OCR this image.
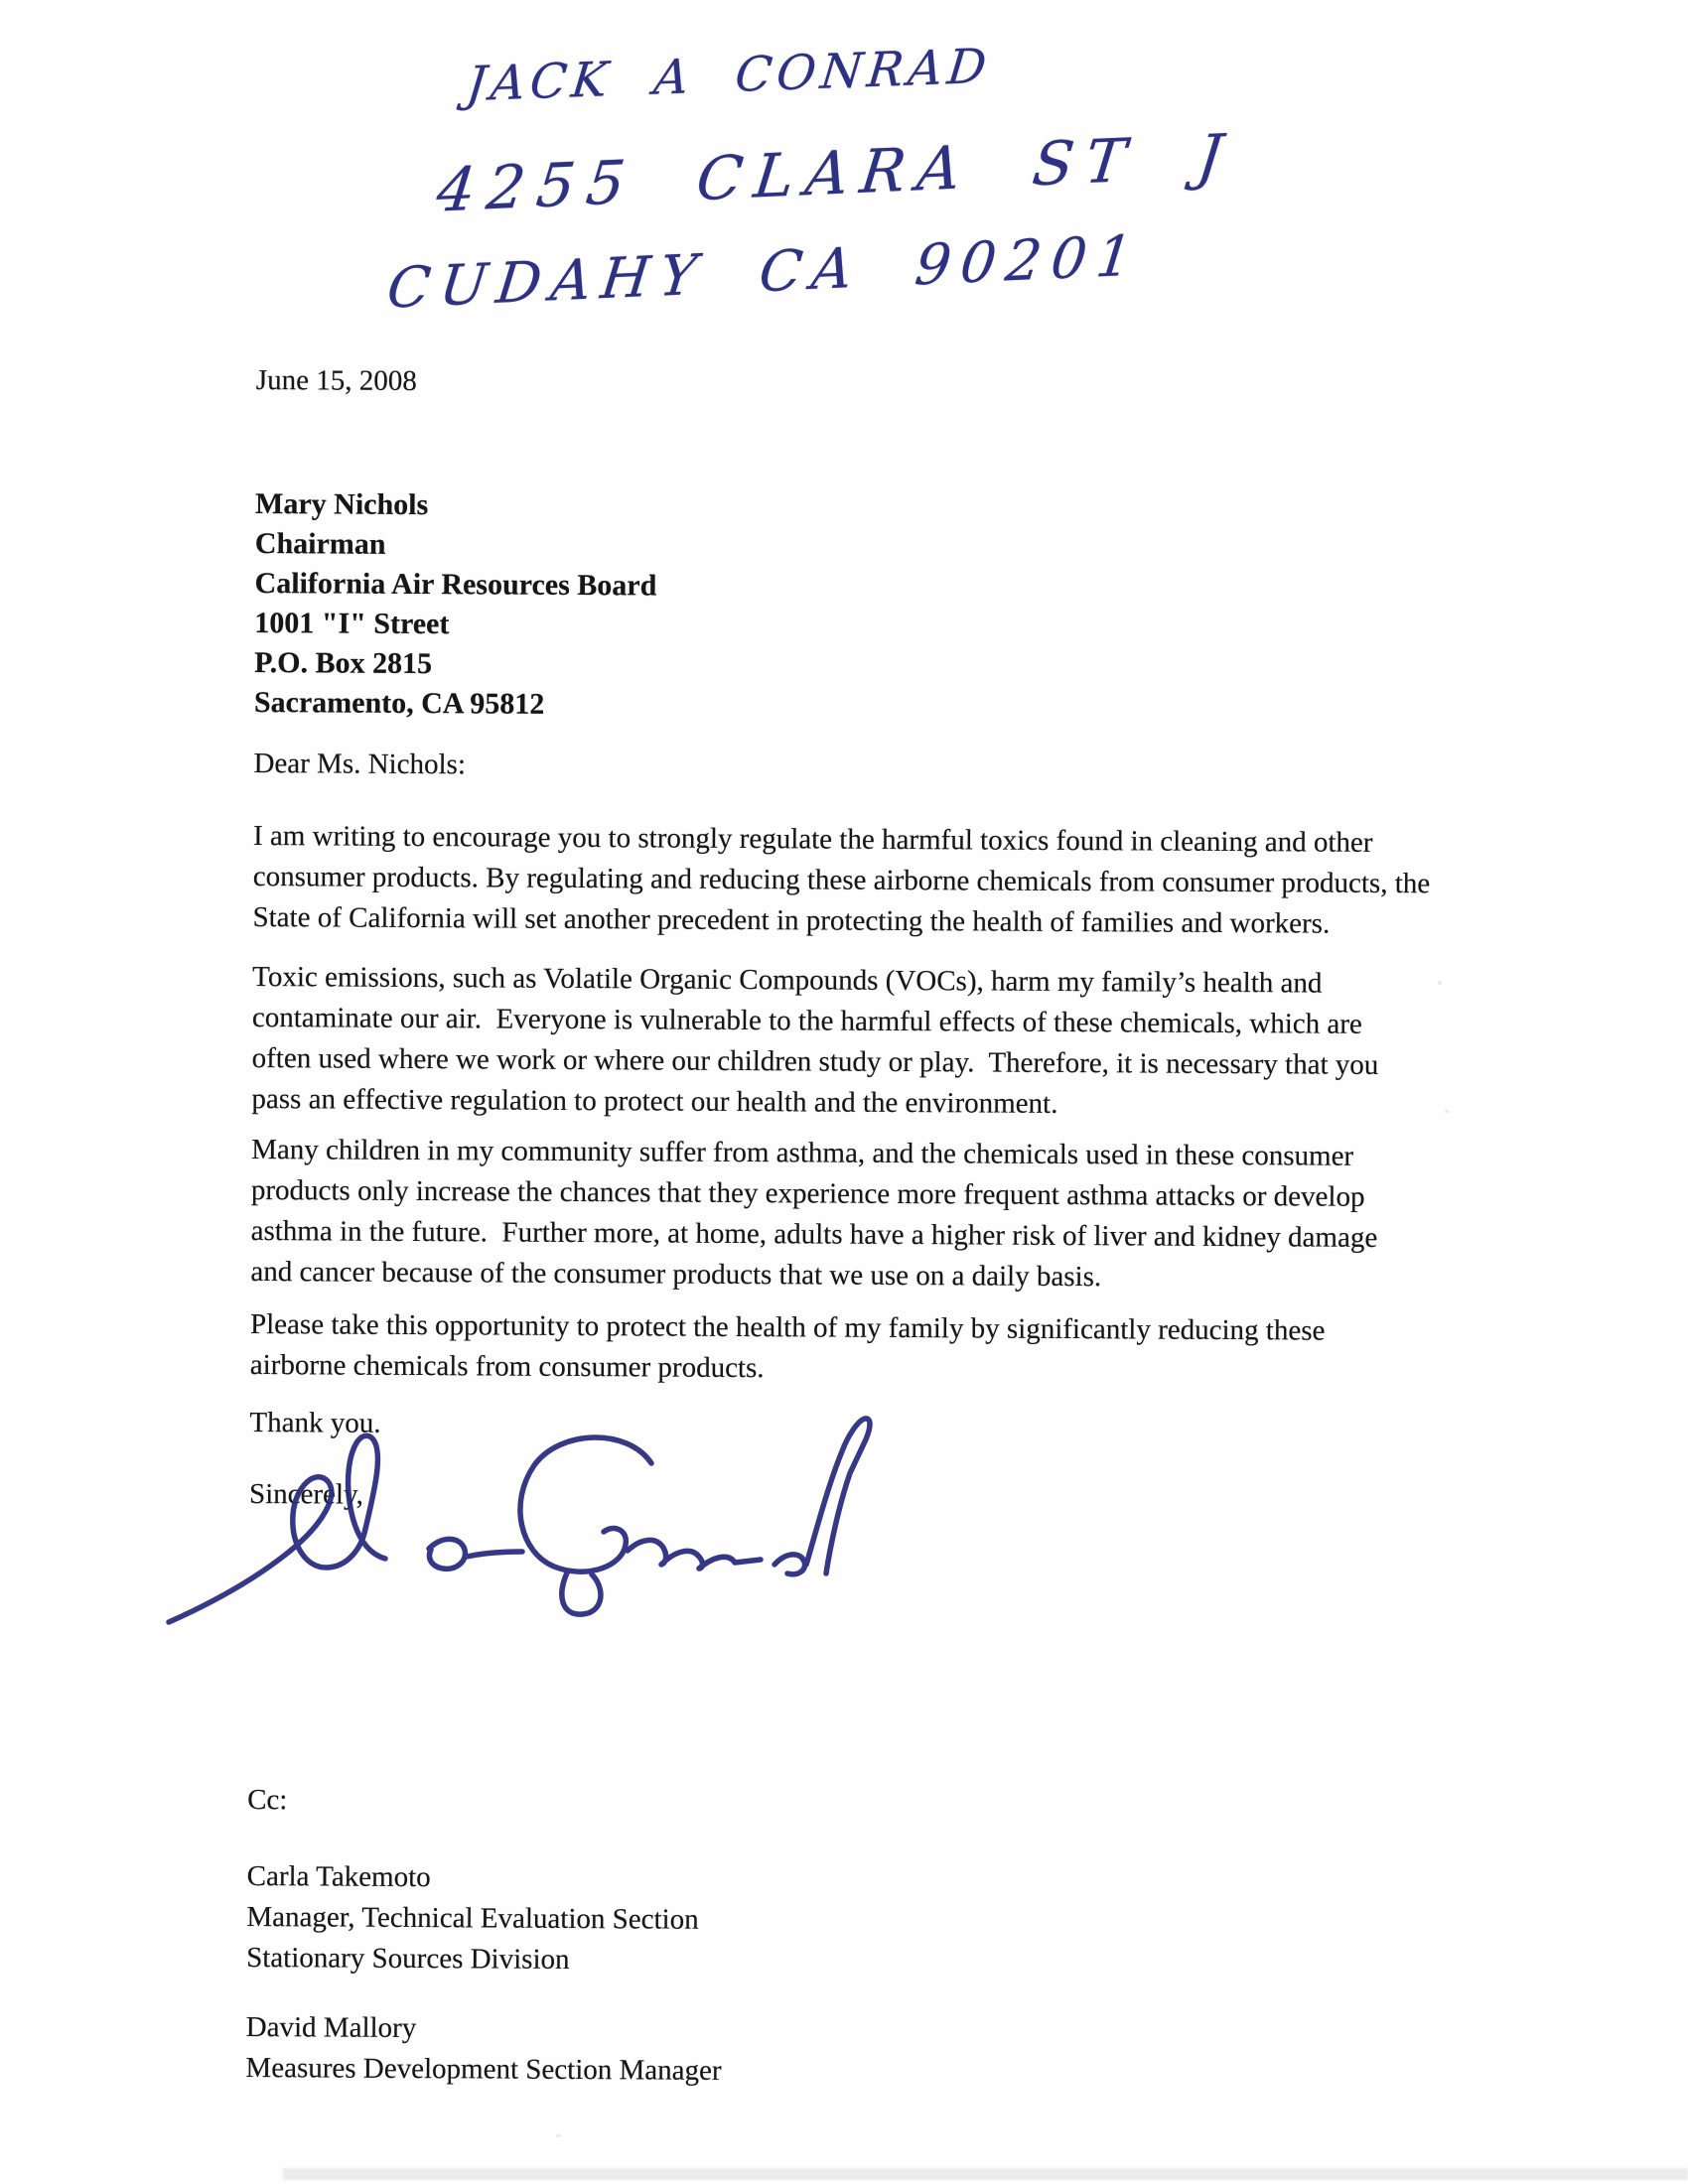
JACK A CONRAD
4255 CLARA ST J
CUDAHY CA 90201
June 15, 2008
Mary Nichols
Chairman
California Air Resources Board
1001 "I" Street
P.O. Box 2815
Sacramento, CA 95812
Dear Ms. Nichols:
I am writing to encourage you to strongly regulate the harmful toxics found in cleaning and other
consumer products. By regulating and reducing these airborne chemicals from consumer products, the
State of California will set another precedent in protecting the health of families and workers.
Toxic emissions, such as Volatile Organic Compounds (VOCs), harm my family’s health and
contaminate our air.  Everyone is vulnerable to the harmful effects of these chemicals, which are
often used where we work or where our children study or play.  Therefore, it is necessary that you
pass an effective regulation to protect our health and the environment.
Many children in my community suffer from asthma, and the chemicals used in these consumer
products only increase the chances that they experience more frequent asthma attacks or develop
asthma in the future.  Further more, at home, adults have a higher risk of liver and kidney damage
and cancer because of the consumer products that we use on a daily basis.
Please take this opportunity to protect the health of my family by significantly reducing these
airborne chemicals from consumer products.
Thank you.
Sincerely,
Cc:
Carla Takemoto
Manager, Technical Evaluation Section
Stationary Sources Division
David Mallory
Measures Development Section Manager
